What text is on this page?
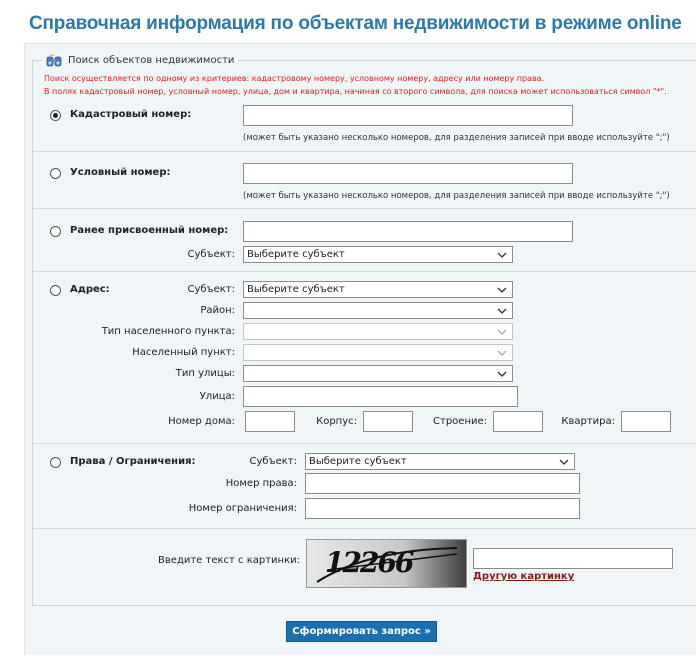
Справочная информация по объектам недвижимости в режиме online
Поиск объектов недвижимости
Поиск осуществляется по одному из критериев: кадастровому номеру, условному номеру, адресу или номеру права.
В полях кадастровый номер, условный номер, улица, дом и квартира, начиная со второго символа, для поиска может использоваться символ "*".
Кадастровый номер:
(может быть указано несколько номеров, для разделения записей при вводе используйте ";")
Условный номер:
(может быть указано несколько номеров, для разделения записей при вводе используйте ";")
Ранее присвоенный номер:
Субъект: Выберите субъект
Адрес:	Субъект: Выберите субъект
Район:
Тип населенного пункта:
Населенный пункт:
Тип улицы:
Улица:
Номер дома:	Корпус:	Строение:	Квартира:
Права / Ограничения:	Субъект: Выберите субъект
Номер права:
Номер ограничения:
Введите текст с картинки: 12266	Другую картинку
Сформировать запрос »
